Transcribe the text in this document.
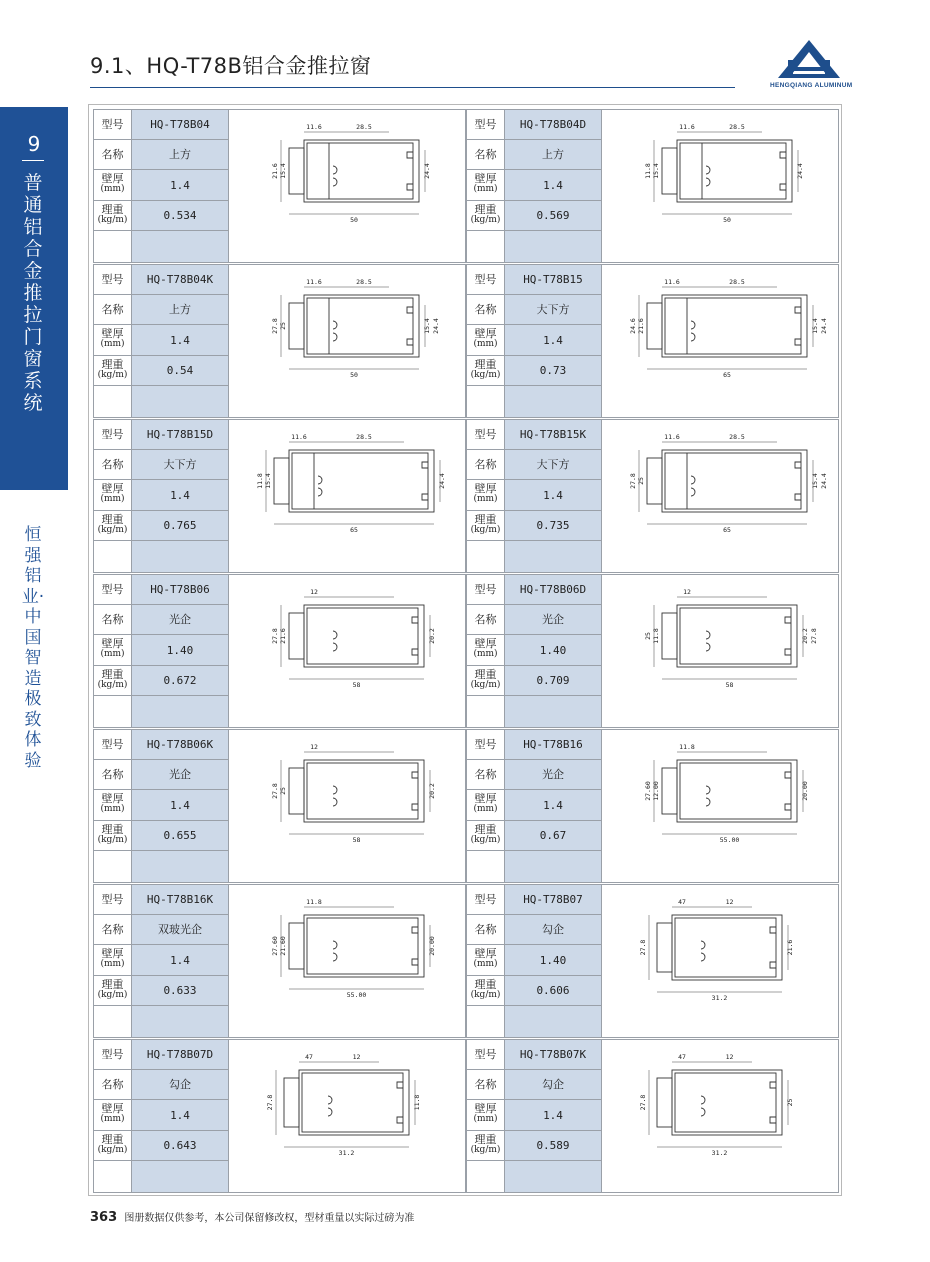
9.1、HQ-T78B铝合金推拉窗
HENGQIANG ALUMINUM
9
普通铝合金推拉门窗系统
恒强铝业·中国智造 极致体验
型号	HQ-T78B04
名称	上方
壁厚
(mm)	1.4
理重
(kg/m)	0.534
11.6	28.5
50
21.6 15.4	24.4
型号	HQ-T78B04D
名称	上方
壁厚
(mm)	1.4
理重
(kg/m)	0.569
11.6	28.5
50
11.8 15.4	24.4
型号	HQ-T78B04K
名称	上方
壁厚
(mm)	1.4
理重
(kg/m)	0.54
11.6	28.5
50
27.8 25	15.4 24.4
型号	HQ-T78B15
名称	大下方
壁厚
(mm)	1.4
理重
(kg/m)	0.73
11.6	28.5
65
24.6 21.6	15.4 24.4
型号	HQ-T78B15D
名称	大下方
壁厚
(mm)	1.4
理重
(kg/m)	0.765
11.6	28.5
65
11.8 15.4	24.4
型号	HQ-T78B15K
名称	大下方
壁厚
(mm)	1.4
理重
(kg/m)	0.735
11.6	28.5
65
27.8 25	15.4 24.4
型号	HQ-T78B06
名称	光企
壁厚
(mm)	1.40
理重
(kg/m)	0.672
12
58
27.8 21.6	20.2
型号	HQ-T78B06D
名称	光企
壁厚
(mm)	1.40
理重
(kg/m)	0.709
12
58
25 11.8	20.2 27.8
型号	HQ-T78B06K
名称	光企
壁厚
(mm)	1.4
理重
(kg/m)	0.655
12
58
27.8 25	20.2
型号	HQ-T78B16
名称	光企
壁厚
(mm)	1.4
理重
(kg/m)	0.67
11.8
55.00
27.60 12.00	20.00
型号	HQ-T78B16K
名称	双玻光企
壁厚
(mm)	1.4
理重
(kg/m)	0.633
11.8
55.00
27.60 21.60	20.00
型号	HQ-T78B07
名称	勾企
壁厚
(mm)	1.40
理重
(kg/m)	0.606
47	12
31.2
27.8	21.6
型号	HQ-T78B07D
名称	勾企
壁厚
(mm)	1.4
理重
(kg/m)	0.643
47	12
31.2
27.8	11.8
型号	HQ-T78B07K
名称	勾企
壁厚
(mm)	1.4
理重
(kg/m)	0.589
47	12
31.2
27.8	25
363 图册数据仅供参考，本公司保留修改权，型材重量以实际过磅为准
